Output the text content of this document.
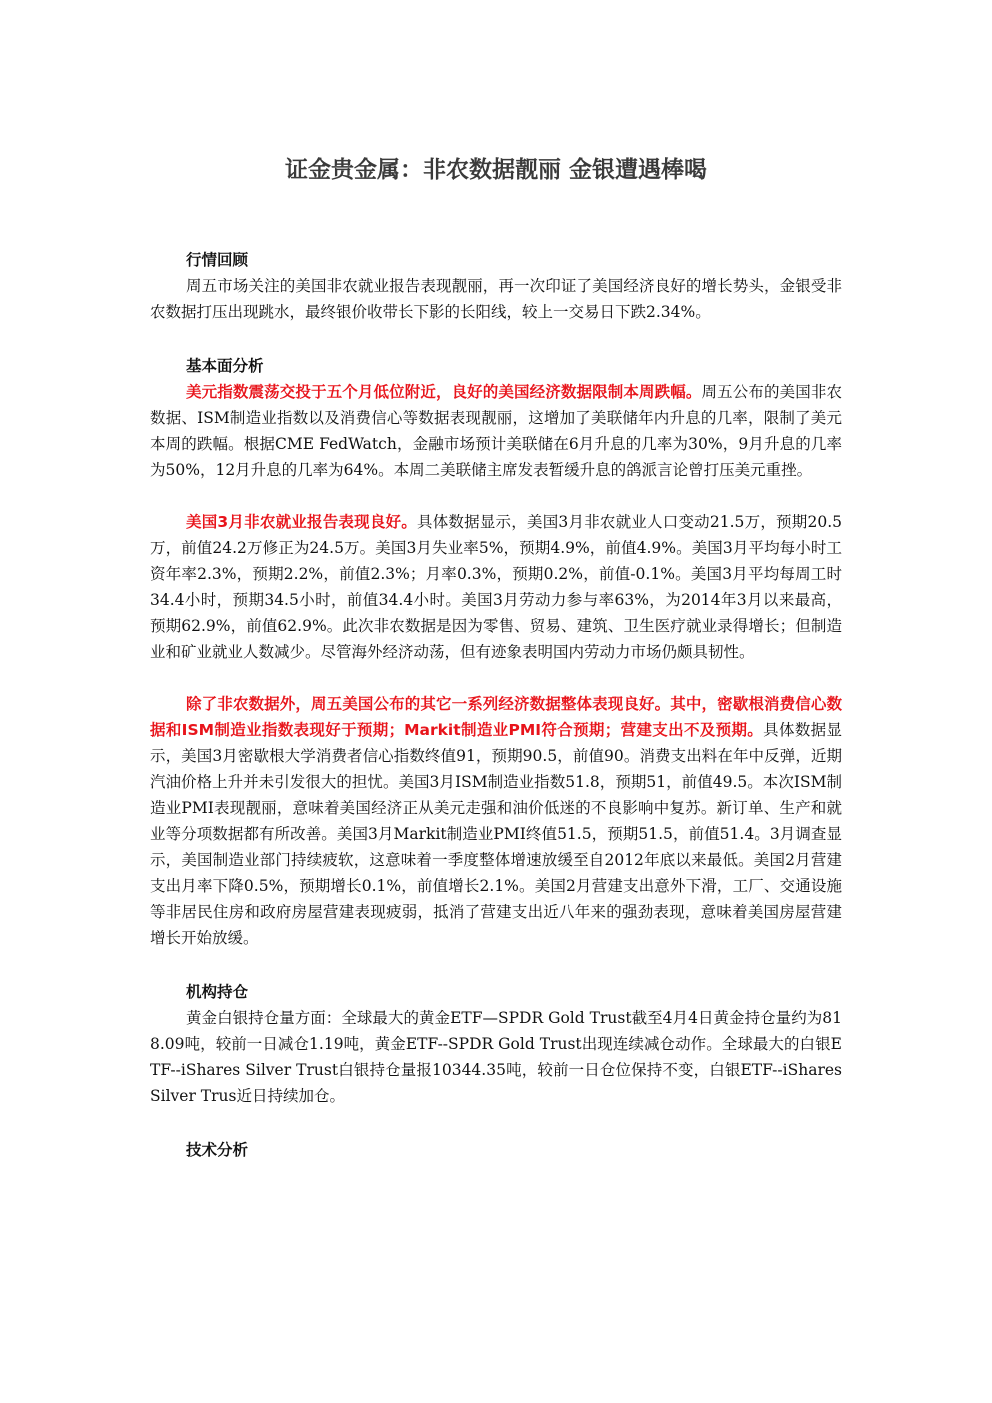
证金贵金属：非农数据靓丽 金银遭遇棒喝
行情回顾

周五市场关注的美国非农就业报告表现靓丽，再一次印证了美国经济良好的增长势头，金银受非农数据打压出现跳水，最终银价收带长下影的长阳线，较上一交易日下跌2.34%。

基本面分析

美元指数震荡交投于五个月低位附近，良好的美国经济数据限制本周跌幅。周五公布的美国非农数据、ISM制造业指数以及消费信心等数据表现靓丽，这增加了美联储年内升息的几率，限制了美元本周的跌幅。根据CME FedWatch，金融市场预计美联储在6月升息的几率为30%，9月升息的几率为50%，12月升息的几率为64%。本周二美联储主席发表暂缓升息的鸽派言论曾打压美元重挫。

美国3月非农就业报告表现良好。具体数据显示，美国3月非农就业人口变动21.5万，预期20.5万，前值24.2万修正为24.5万。美国3月失业率5%，预期4.9%，前值4.9%。美国3月平均每小时工资年率2.3%，预期2.2%，前值2.3%；月率0.3%，预期0.2%，前值-0.1%。美国3月平均每周工时34.4小时，预期34.5小时，前值34.4小时。美国3月劳动力参与率63%，为2014年3月以来最高，预期62.9%，前值62.9%。此次非农数据是因为零售、贸易、建筑、卫生医疗就业录得增长；但制造业和矿业就业人数减少。尽管海外经济动荡，但有迹象表明国内劳动力市场仍颇具韧性。

除了非农数据外，周五美国公布的其它一系列经济数据整体表现良好。其中，密歇根消费信心数据和ISM制造业指数表现好于预期；Markit制造业PMI符合预期；营建支出不及预期。具体数据显示，美国3月密歇根大学消费者信心指数终值91，预期90.5，前值90。消费支出料在年中反弹，近期汽油价格上升并未引发很大的担忧。美国3月ISM制造业指数51.8，预期51，前值49.5。本次ISM制造业PMI表现靓丽，意味着美国经济正从美元走强和油价低迷的不良影响中复苏。新订单、生产和就业等分项数据都有所改善。美国3月Markit制造业PMI终值51.5，预期51.5，前值51.4。3月调查显示，美国制造业部门持续疲软，这意味着一季度整体增速放缓至自2012年底以来最低。美国2月营建支出月率下降0.5%，预期增长0.1%，前值增长2.1%。美国2月营建支出意外下滑，工厂、交通设施等非居民住房和政府房屋营建表现疲弱，抵消了营建支出近八年来的强劲表现，意味着美国房屋营建增长开始放缓。

机构持仓

黄金白银持仓量方面：全球最大的黄金ETF—SPDR Gold Trust截至4月4日黄金持仓量约为818.09吨，较前一日减仓1.19吨，黄金ETF--SPDR Gold Trust出现连续减仓动作。全球最大的白银ETF--iShares Silver Trust白银持仓量报10344.35吨，较前一日仓位保持不变，白银ETF--iShares Silver Trus近日持续加仓。

技术分析
